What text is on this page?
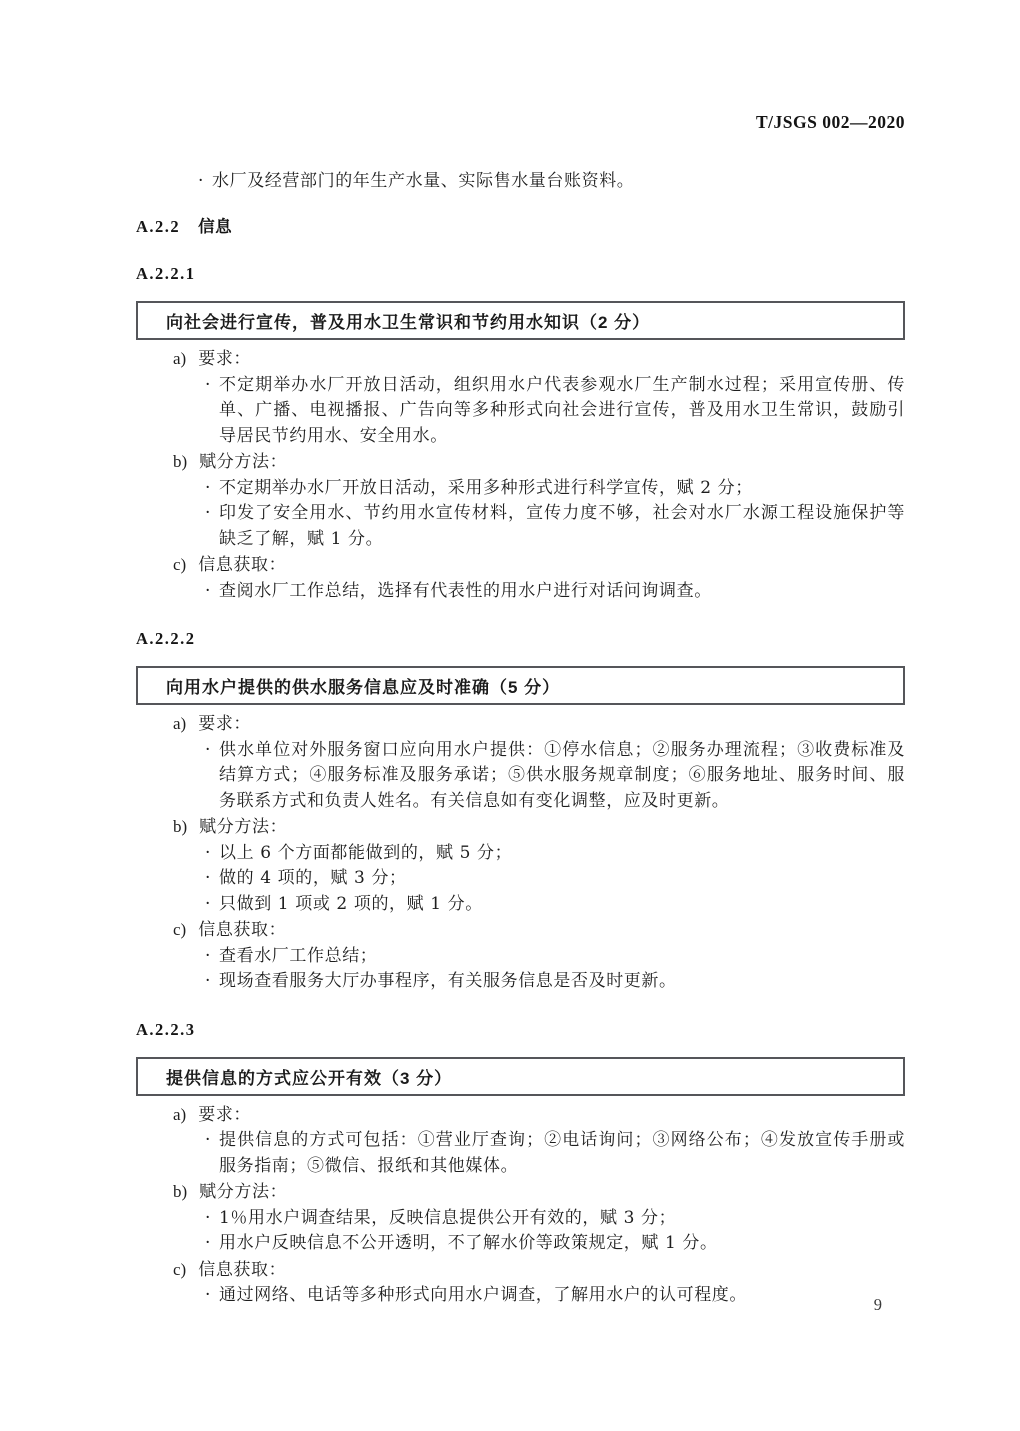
T/JSGS 002—2020
· 水厂及经营部门的年生产水量、实际售水量台账资料。
A.2.2 信息
A.2.2.1
向社会进行宣传，普及用水卫生常识和节约用水知识（2 分）
a) 要求：
· 不定期举办水厂开放日活动，组织用水户代表参观水厂生产制水过程；采用宣传册、传单、广播、电视播报、广告向等多种形式向社会进行宣传，普及用水卫生常识，鼓励引导居民节约用水、安全用水。
b) 赋分方法：
· 不定期举办水厂开放日活动，采用多种形式进行科学宣传，赋 2 分；
· 印发了安全用水、节约用水宣传材料，宣传力度不够，社会对水厂水源工程设施保护等缺乏了解，赋 1 分。
c) 信息获取：
· 查阅水厂工作总结，选择有代表性的用水户进行对话问询调查。
A.2.2.2
向用水户提供的供水服务信息应及时准确（5 分）
a) 要求：
· 供水单位对外服务窗口应向用水户提供：①停水信息；②服务办理流程；③收费标准及结算方式；④服务标准及服务承诺；⑤供水服务规章制度；⑥服务地址、服务时间、服务联系方式和负责人姓名。有关信息如有变化调整，应及时更新。
b) 赋分方法：
· 以上 6 个方面都能做到的，赋 5 分；
· 做的 4 项的，赋 3 分；
· 只做到 1 项或 2 项的，赋 1 分。
c) 信息获取：
· 查看水厂工作总结；
· 现场查看服务大厅办事程序，有关服务信息是否及时更新。
A.2.2.3
提供信息的方式应公开有效（3 分）
a) 要求：
· 提供信息的方式可包括：①营业厅查询；②电话询问；③网络公布；④发放宣传手册或服务指南；⑤微信、报纸和其他媒体。
b) 赋分方法：
· 1％用水户调查结果，反映信息提供公开有效的，赋 3 分；
· 用水户反映信息不公开透明，不了解水价等政策规定，赋 1 分。
c) 信息获取：
· 通过网络、电话等多种形式向用水户调查，了解用水户的认可程度。	9
